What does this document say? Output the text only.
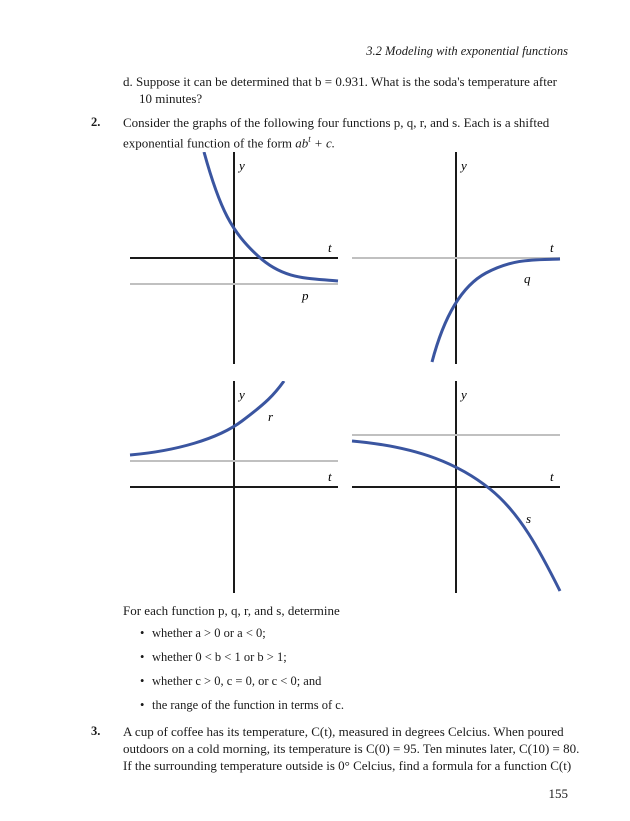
3.2 Modeling with exponential functions
d. Suppose it can be determined that b = 0.931. What is the soda's temperature after
10 minutes?
2. Consider the graphs of the following four functions p, q, r, and s. Each is a shifted
exponential function of the form $ab^t + c$.
y
t
p
y
t
q
y
t
r
y
t
s
For each function p, q, r, and s, determine
• whether a > 0 or a < 0;
• whether 0 < b < 1 or b > 1;
• whether c > 0, c = 0, or c < 0; and
• the range of the function in terms of c.
3. A cup of coffee has its temperature, C(t), measured in degrees Celcius. When poured
outdoors on a cold morning, its temperature is C(0) = 95. Ten minutes later, C(10) = 80.
If the surrounding temperature outside is 0° Celcius, find a formula for a function C(t)
155
